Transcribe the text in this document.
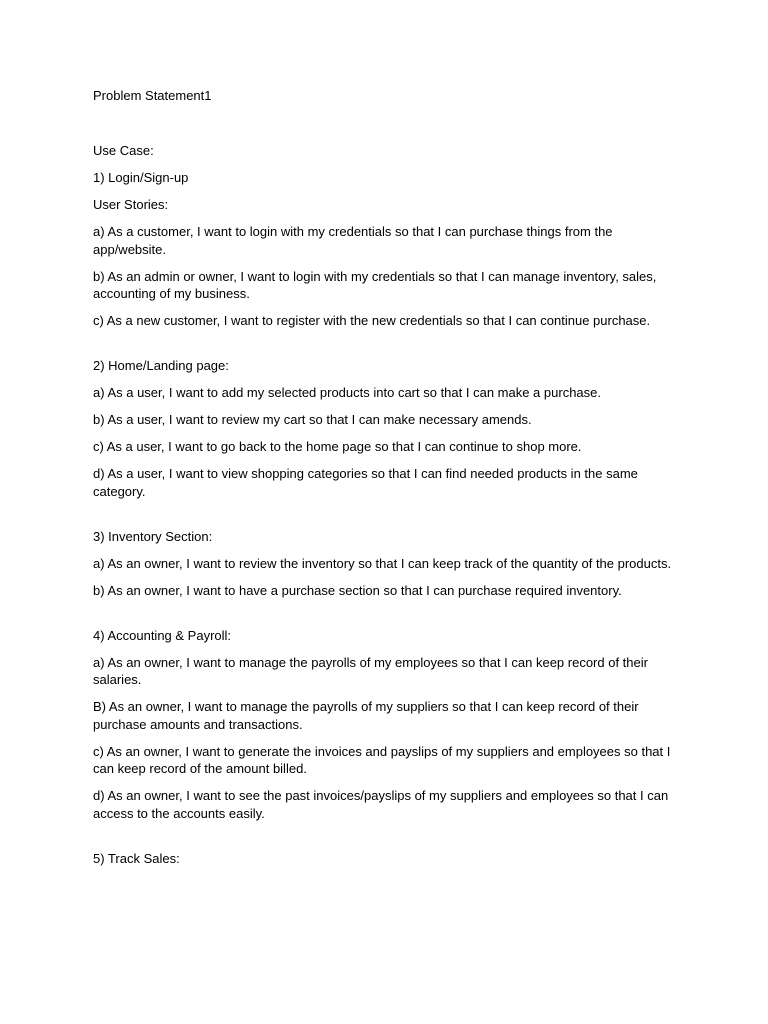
Problem Statement1

Use Case:

1) Login/Sign-up

User Stories:

a) As a customer, I want to login with my credentials so that I can purchase things from the app/website.

b) As an admin or owner, I want to login with my credentials so that I can manage inventory, sales, accounting of my business.

c) As a new customer, I want to register with the new credentials so that I can continue purchase.

2) Home/Landing page:

a) As a user, I want to add my selected products into cart so that I can make a purchase.

b) As a user, I want to review my cart so that I can make necessary amends.

c) As a user, I want to go back to the home page so that I can continue to shop more.

d) As a user, I want to view shopping categories so that I can find needed products in the same category.

3) Inventory Section:

a) As an owner, I want to review the inventory so that I can keep track of the quantity of the products.

b) As an owner, I want to have a purchase section so that I can purchase required inventory.

4) Accounting & Payroll:

a) As an owner, I want to manage the payrolls of my employees so that I can keep record of their salaries.

B) As an owner, I want to manage the payrolls of my suppliers so that I can keep record of their purchase amounts and transactions.

c) As an owner, I want to generate the invoices and payslips of my suppliers and employees so that I can keep record of the amount billed.

d) As an owner, I want to see the past invoices/payslips of my suppliers and employees so that I can access to the accounts easily.

5) Track Sales:
